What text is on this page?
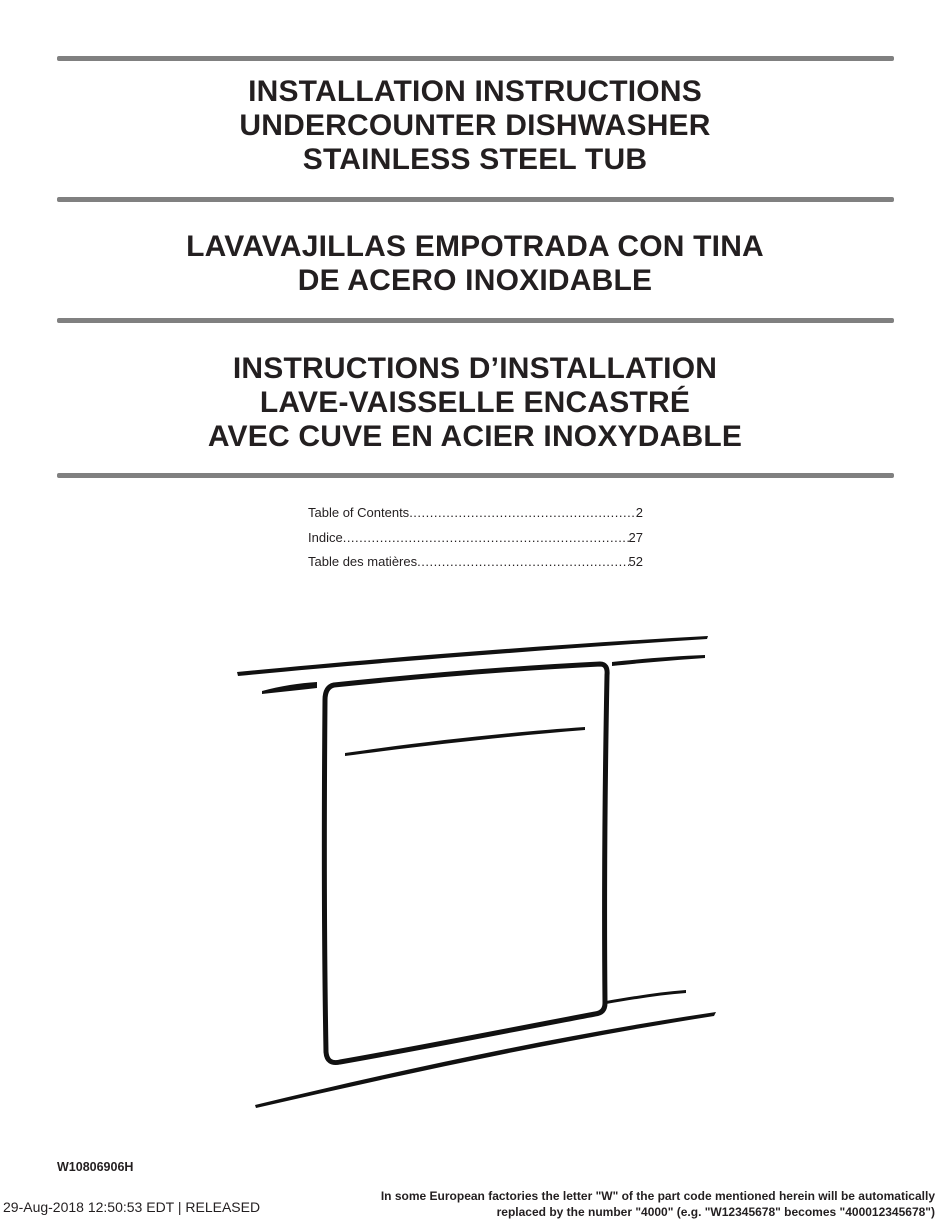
INSTALLATION INSTRUCTIONS
UNDERCOUNTER DISHWASHER
STAINLESS STEEL TUB
LAVAVAJILLAS EMPOTRADA CON TINA
DE ACERO INOXIDABLE
INSTRUCTIONS D’INSTALLATION
LAVE-VAISSELLE ENCASTRÉ
AVEC CUVE EN ACIER INOXYDABLE
Table of Contents .....	2
Indice .....	27
Table des matières .....	52
W10806906H
29-Aug-2018 12:50:53 EDT | RELEASED
In some European factories the letter "W" of the part code mentioned herein will be automatically
replaced by the number "4000" (e.g. "W12345678" becomes "400012345678")
